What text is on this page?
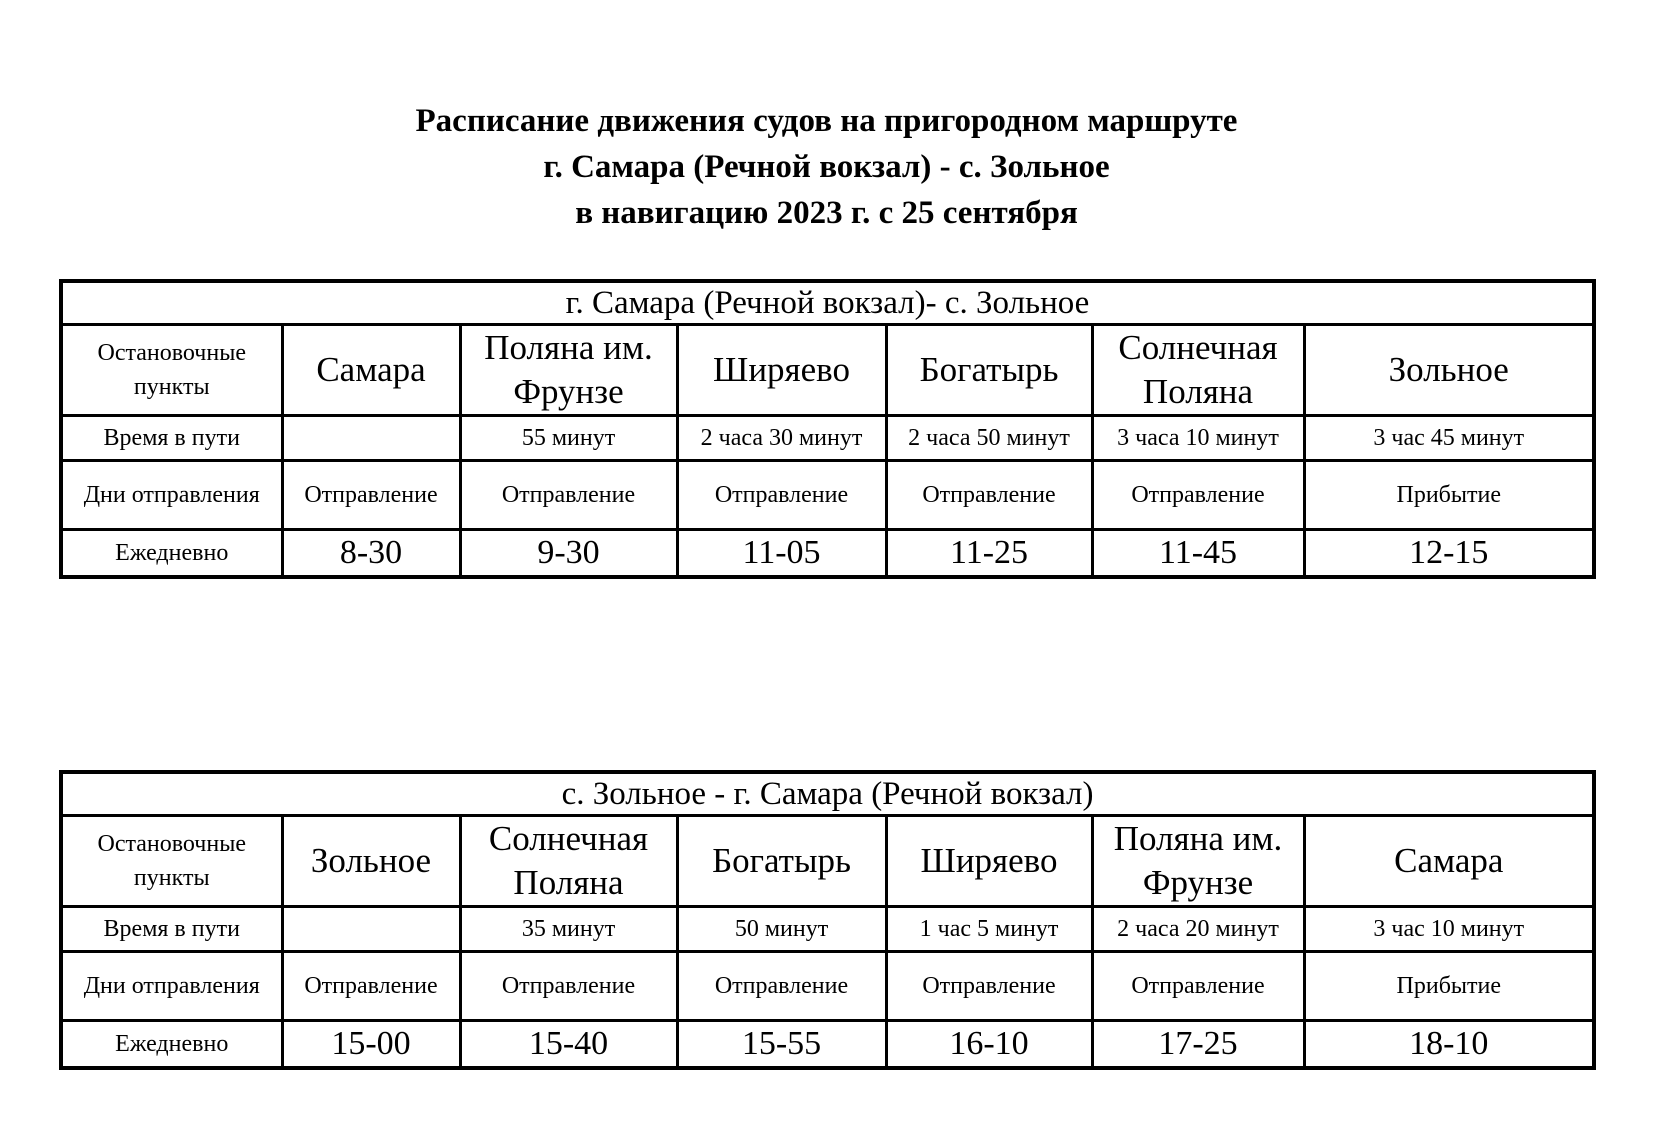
Расписание движения судов на пригородном маршруте
г. Самара (Речной вокзал) - с. Зольное
в навигацию 2023 г. с 25 сентября
г. Самара (Речной вокзал)- с. Зольное						
Остановочные пункты	Самара	Поляна им. Фрунзе	Ширяево	Богатырь	Солнечная Поляна	Зольное
Время в пути		55 минут	2 часа 30 минут	2 часа 50 минут	3 часа 10 минут	3 час 45 минут
Дни отправления	Отправление	Отправление	Отправление	Отправление	Отправление	Прибытие
Ежедневно	8-30	9-30	11-05	11-25	11-45	12-15
с. Зольное - г. Самара (Речной вокзал)						
Остановочные пункты	Зольное	Солнечная Поляна	Богатырь	Ширяево	Поляна им. Фрунзе	Самара
Время в пути		35 минут	50 минут	1 час 5 минут	2 часа 20 минут	3 час 10 минут
Дни отправления	Отправление	Отправление	Отправление	Отправление	Отправление	Прибытие
Ежедневно	15-00	15-40	15-55	16-10	17-25	18-10
